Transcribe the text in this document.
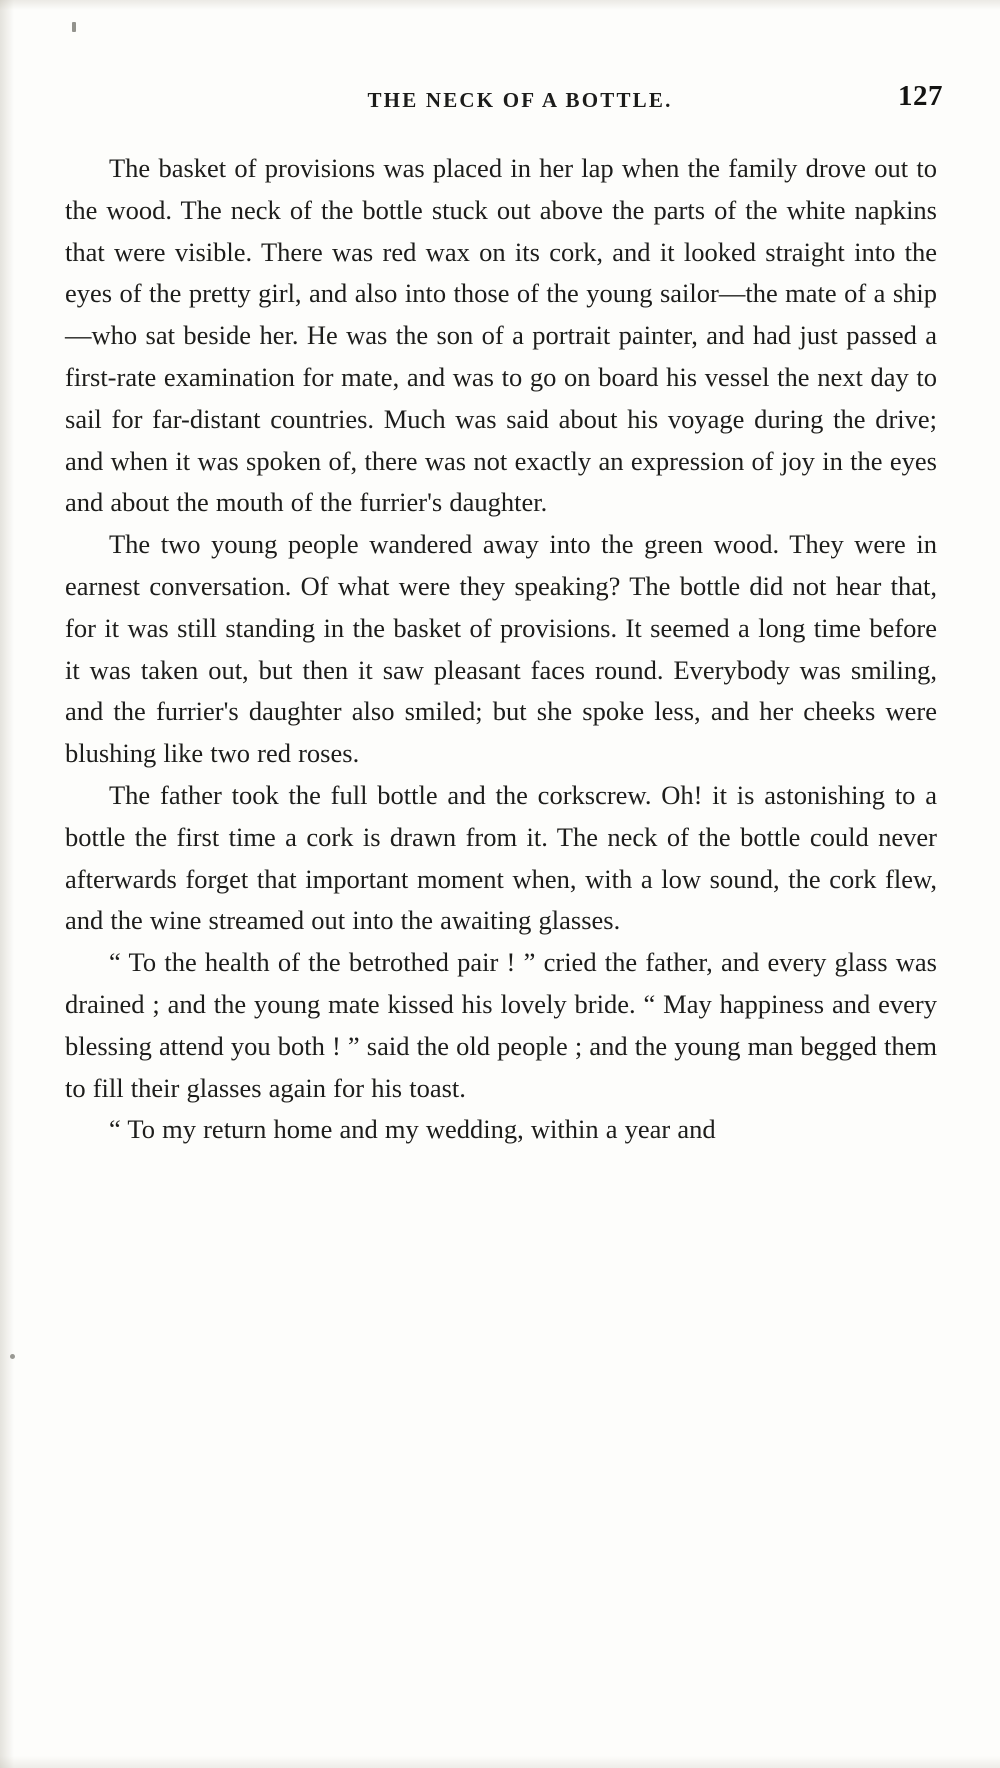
THE NECK OF A BOTTLE.	127

The basket of provisions was placed in her lap when the family drove out to the wood. The neck of the bottle stuck out above the parts of the white napkins that were visible. There was red wax on its cork, and it looked straight into the eyes of the pretty girl, and also into those of the young sailor—the mate of a ship—who sat beside her. He was the son of a portrait painter, and had just passed a first-rate examination for mate, and was to go on board his vessel the next day to sail for far-distant countries. Much was said about his voyage during the drive; and when it was spoken of, there was not exactly an expression of joy in the eyes and about the mouth of the furrier's daughter.

The two young people wandered away into the green wood. They were in earnest conversation. Of what were they speaking? The bottle did not hear that, for it was still standing in the basket of provisions. It seemed a long time before it was taken out, but then it saw pleasant faces round. Everybody was smiling, and the furrier's daughter also smiled; but she spoke less, and her cheeks were blushing like two red roses.

The father took the full bottle and the corkscrew. Oh! it is astonishing to a bottle the first time a cork is drawn from it. The neck of the bottle could never afterwards forget that important moment when, with a low sound, the cork flew, and the wine streamed out into the awaiting glasses.

“ To the health of the betrothed pair ! ” cried the father, and every glass was drained ; and the young mate kissed his lovely bride. “ May happiness and every blessing attend you both ! ” said the old people ; and the young man begged them to fill their glasses again for his toast.

“ To my return home and my wedding, within a year and
